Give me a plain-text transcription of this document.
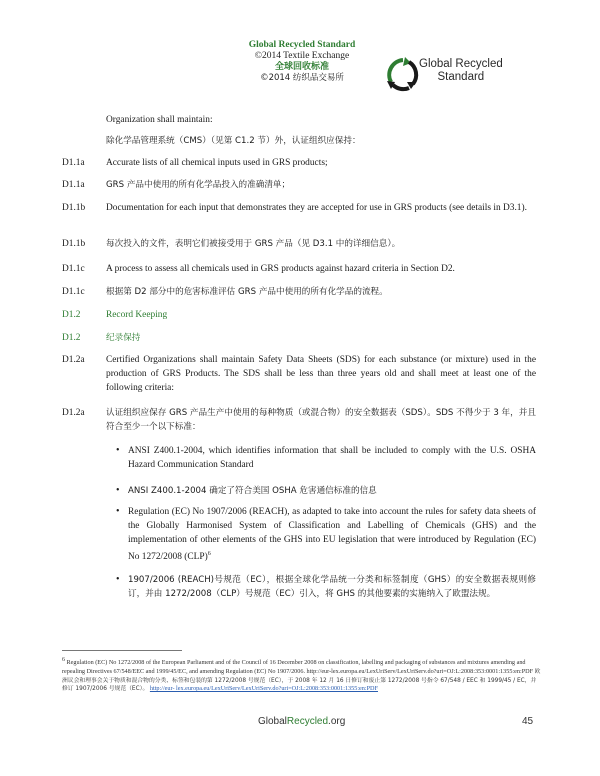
Global Recycled Standard
©2014 Textile Exchange
全球回收标准
©2014 纺织品交易所
Global Recycled
Standard
Organization shall maintain:
除化学品管理系统（CMS）（见第 C1.2 节）外，认证组织应保持：
D1.1a Accurate lists of all chemical inputs used in GRS products;
D1.1a GRS 产品中使用的所有化学品投入的准确清单；
D1.1b Documentation for each input that demonstrates they are accepted for use in GRS products (see details in D3.1).
D1.1b 每次投入的文件，表明它们被接受用于 GRS 产品（见 D3.1 中的详细信息）。
D1.1c A process to assess all chemicals used in GRS products against hazard criteria in Section D2.
D1.1c 根据第 D2 部分中的危害标准评估 GRS 产品中使用的所有化学品的流程。
D1.2	Record Keeping
D1.2	纪录保持
D1.2a Certified Organizations shall maintain Safety Data Sheets (SDS) for each substance (or mixture) used in the production of GRS Products. The SDS shall be less than three years old and shall meet at least one of the following criteria:
D1.2a 认证组织应保存 GRS 产品生产中使用的每种物质（或混合物）的安全数据表（SDS）。SDS 不得少于 3 年，并且符合至少一个以下标准：
• ANSI Z400.1-2004, which identifies information that shall be included to comply with the U.S. OSHA Hazard Communication Standard
• ANSI Z400.1-2004 确定了符合美国 OSHA 危害通信标准的信息
• Regulation (EC) No 1907/2006 (REACH), as adapted to take into account the rules for safety data sheets of the Globally Harmonised System of Classification and Labelling of Chemicals (GHS) and the implementation of other elements of the GHS into EU legislation that were introduced by Regulation (EC) No 1272/2008 (CLP)$^6$
• 1907/2006 (REACH)号规范（EC），根据全球化学品统一分类和标签制度（GHS）的安全数据表规则修订，并由 1272/2008（CLP）号规范（EC）引入，将 GHS 的其他要素的实施纳入了欧盟法规。
$^6$ Regulation (EC) No 1272/2008 of the European Parliament and of the Council of 16 December 2008 on classification, labelling and packaging of substances and mixtures amending and repealing Directives 67/548/EEC and 1999/45/EC, and amending Regulation (EC) No 1907/2006. http://eur-lex.europa.eu/LexUriServ/LexUriServ.do?uri=OJ:L:2008:353:0001:1355:en:PDF 欧洲议会和理事会关于物质和混合物的分类、标签和包装的第 1272/2008 号规范（EC），于 2008 年 12 月 16 日修订和废止第 1272/2008 号指令 67/548 / EEC 和 1999/45 / EC，并修订 1907/2006 号规范（EC）。 http://eur- lex.europa.eu/LexUriServ/LexUriServ.do?uri=OJ:L:2008:353:0001:1355:en:PDF
GlobalRecycled.org	45
